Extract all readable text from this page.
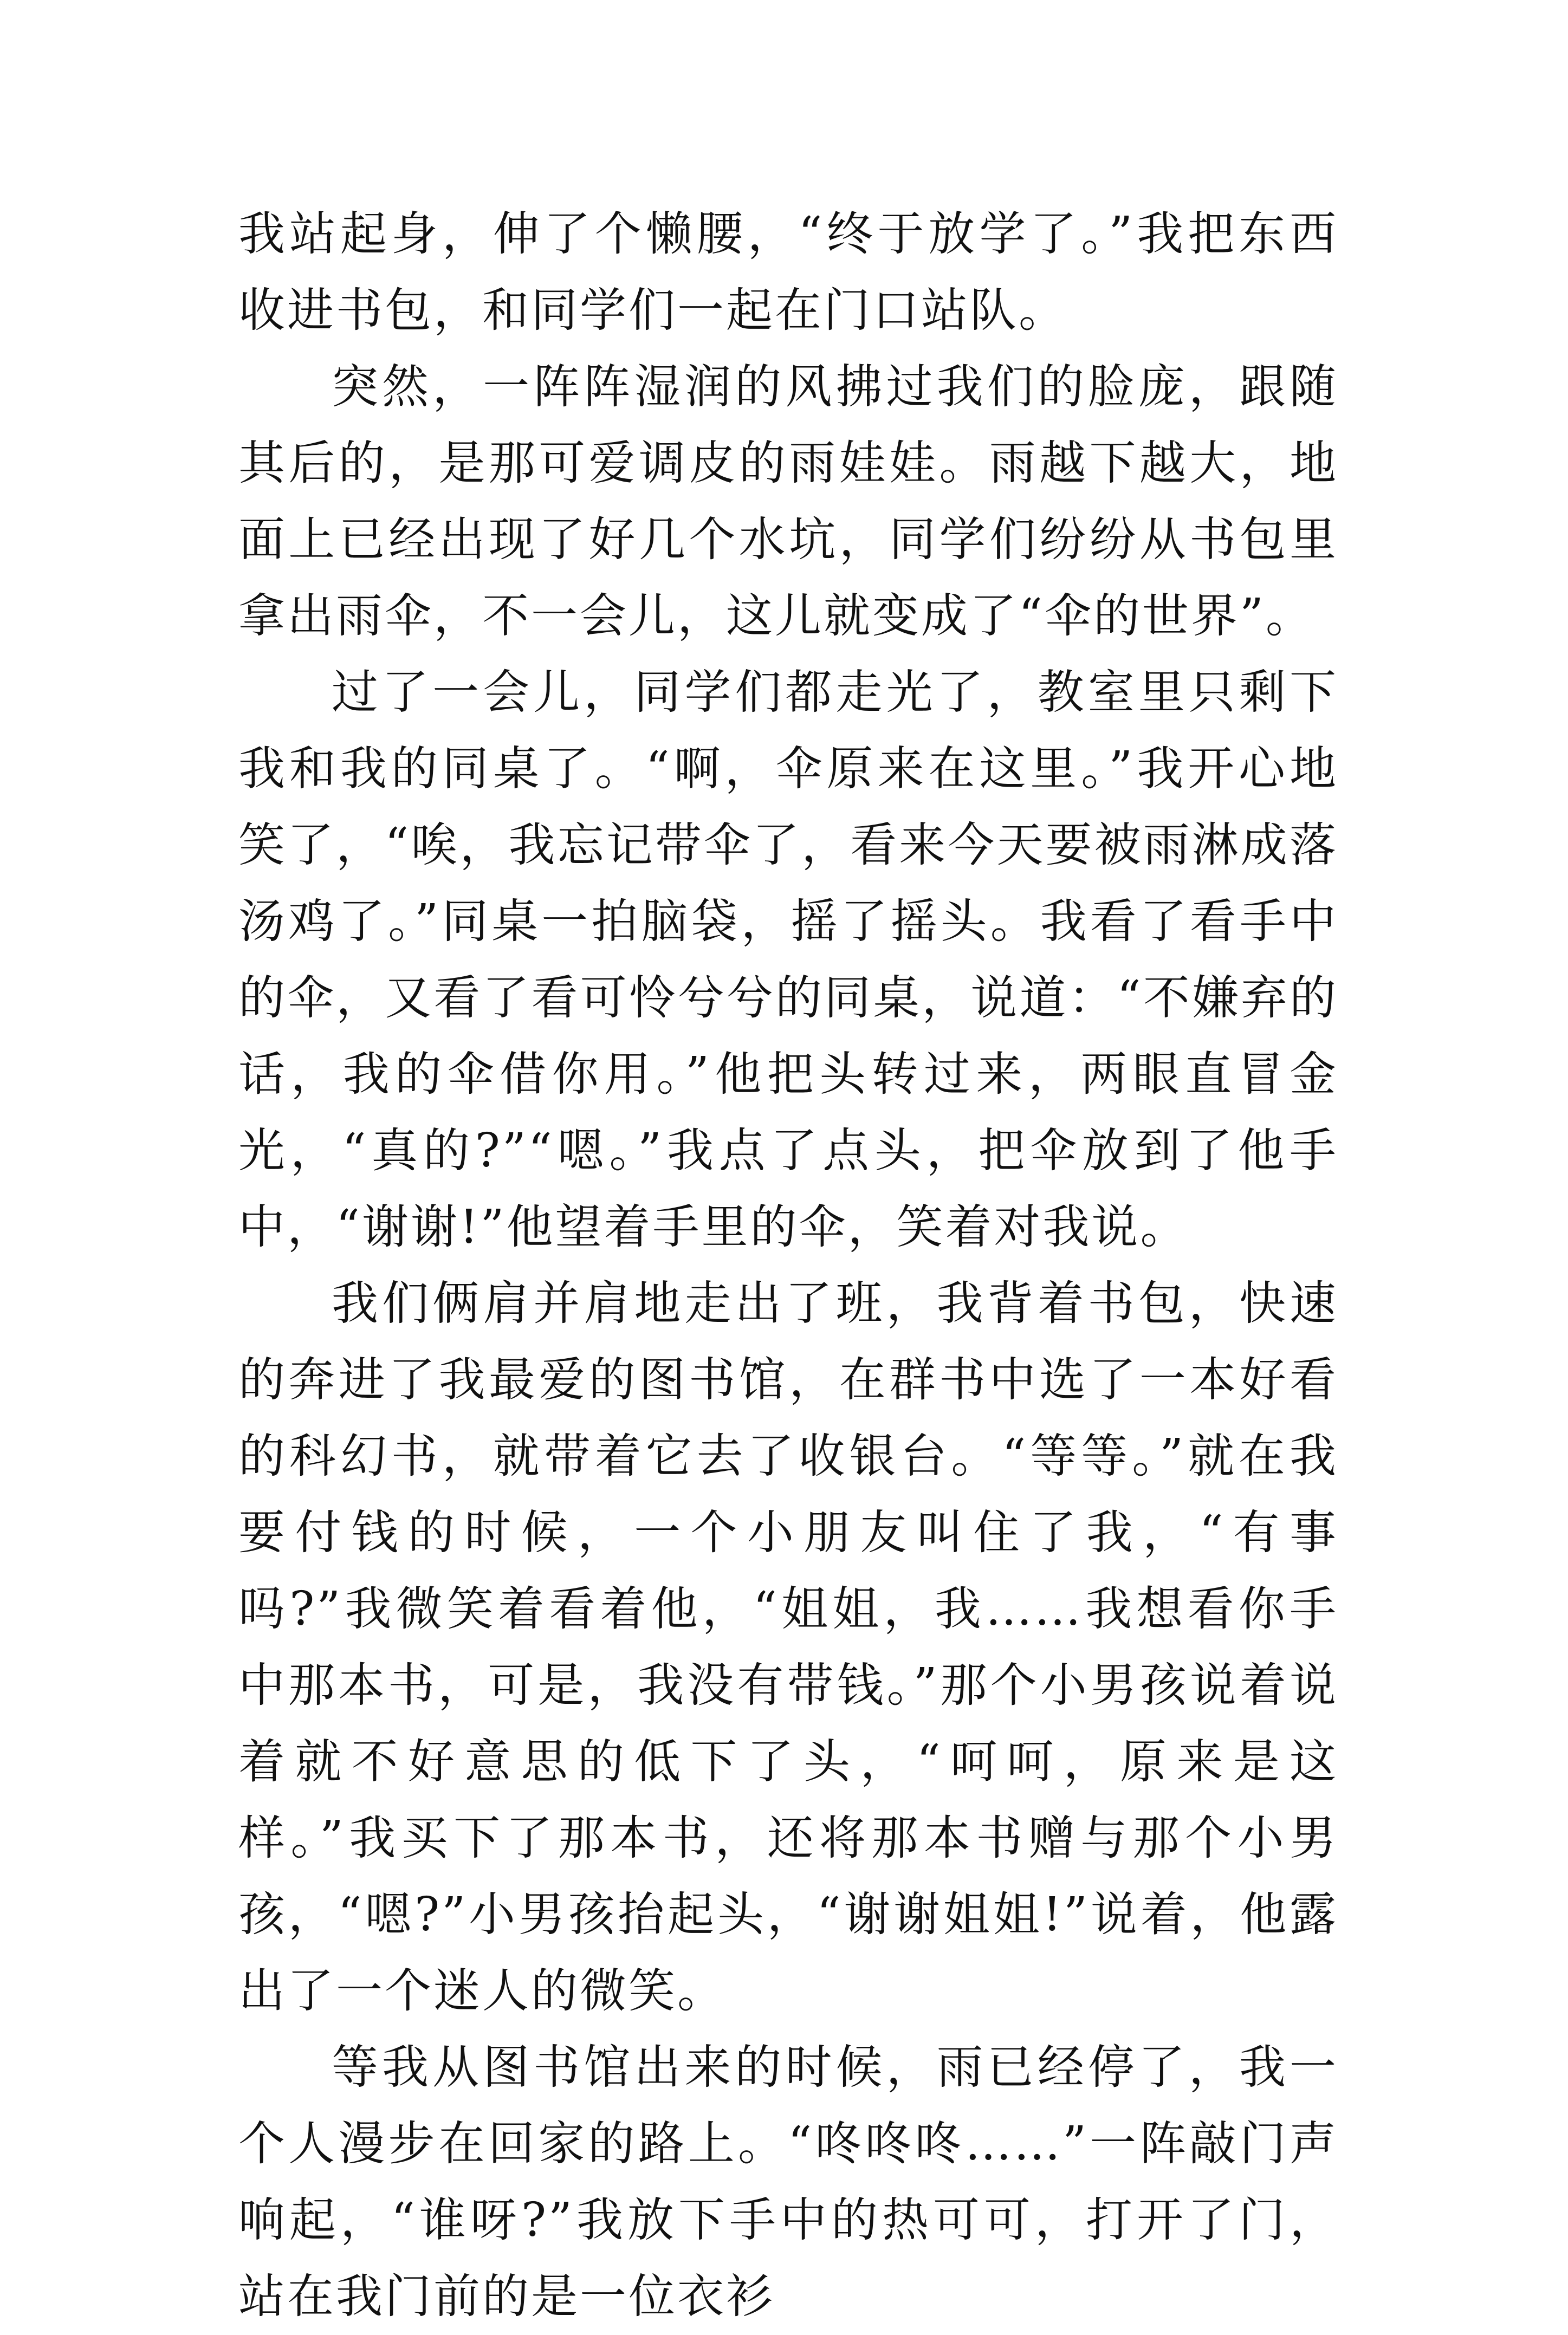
我站起身，伸了个懒腰，“终于放学了。”我把东西收进书包，和同学们一起在门口站队。

突然，一阵阵湿润的风拂过我们的脸庞，跟随其后的，是那可爱调皮的雨娃娃。雨越下越大，地面上已经出现了好几个水坑，同学们纷纷从书包里拿出雨伞，不一会儿，这儿就变成了“伞的世界”。

过了一会儿，同学们都走光了，教室里只剩下我和我的同桌了。“啊，伞原来在这里。”我开心地笑了，“唉，我忘记带伞了，看来今天要被雨淋成落汤鸡了。”同桌一拍脑袋，摇了摇头。我看了看手中的伞，又看了看可怜兮兮的同桌，说道：“不嫌弃的话，我的伞借你用。”他把头转过来，两眼直冒金光，“真的?”“嗯。”我点了点头，把伞放到了他手中，“谢谢!”他望着手里的伞，笑着对我说。

我们俩肩并肩地走出了班，我背着书包，快速的奔进了我最爱的图书馆，在群书中选了一本好看的科幻书，就带着它去了收银台。“等等。”就在我要付钱的时候，一个小朋友叫住了我，“有事吗?”我微笑着看着他，“姐姐，我……我想看你手中那本书，可是，我没有带钱。”那个小男孩说着说着就不好意思的低下了头，“呵呵，原来是这样。”我买下了那本书，还将那本书赠与那个小男孩，“嗯?”小男孩抬起头，“谢谢姐姐!”说着，他露出了一个迷人的微笑。

等我从图书馆出来的时候，雨已经停了，我一个人漫步在回家的路上。“咚咚咚……”一阵敲门声响起，“谁呀?”我放下手中的热可可，打开了门，站在我门前的是一位衣衫
